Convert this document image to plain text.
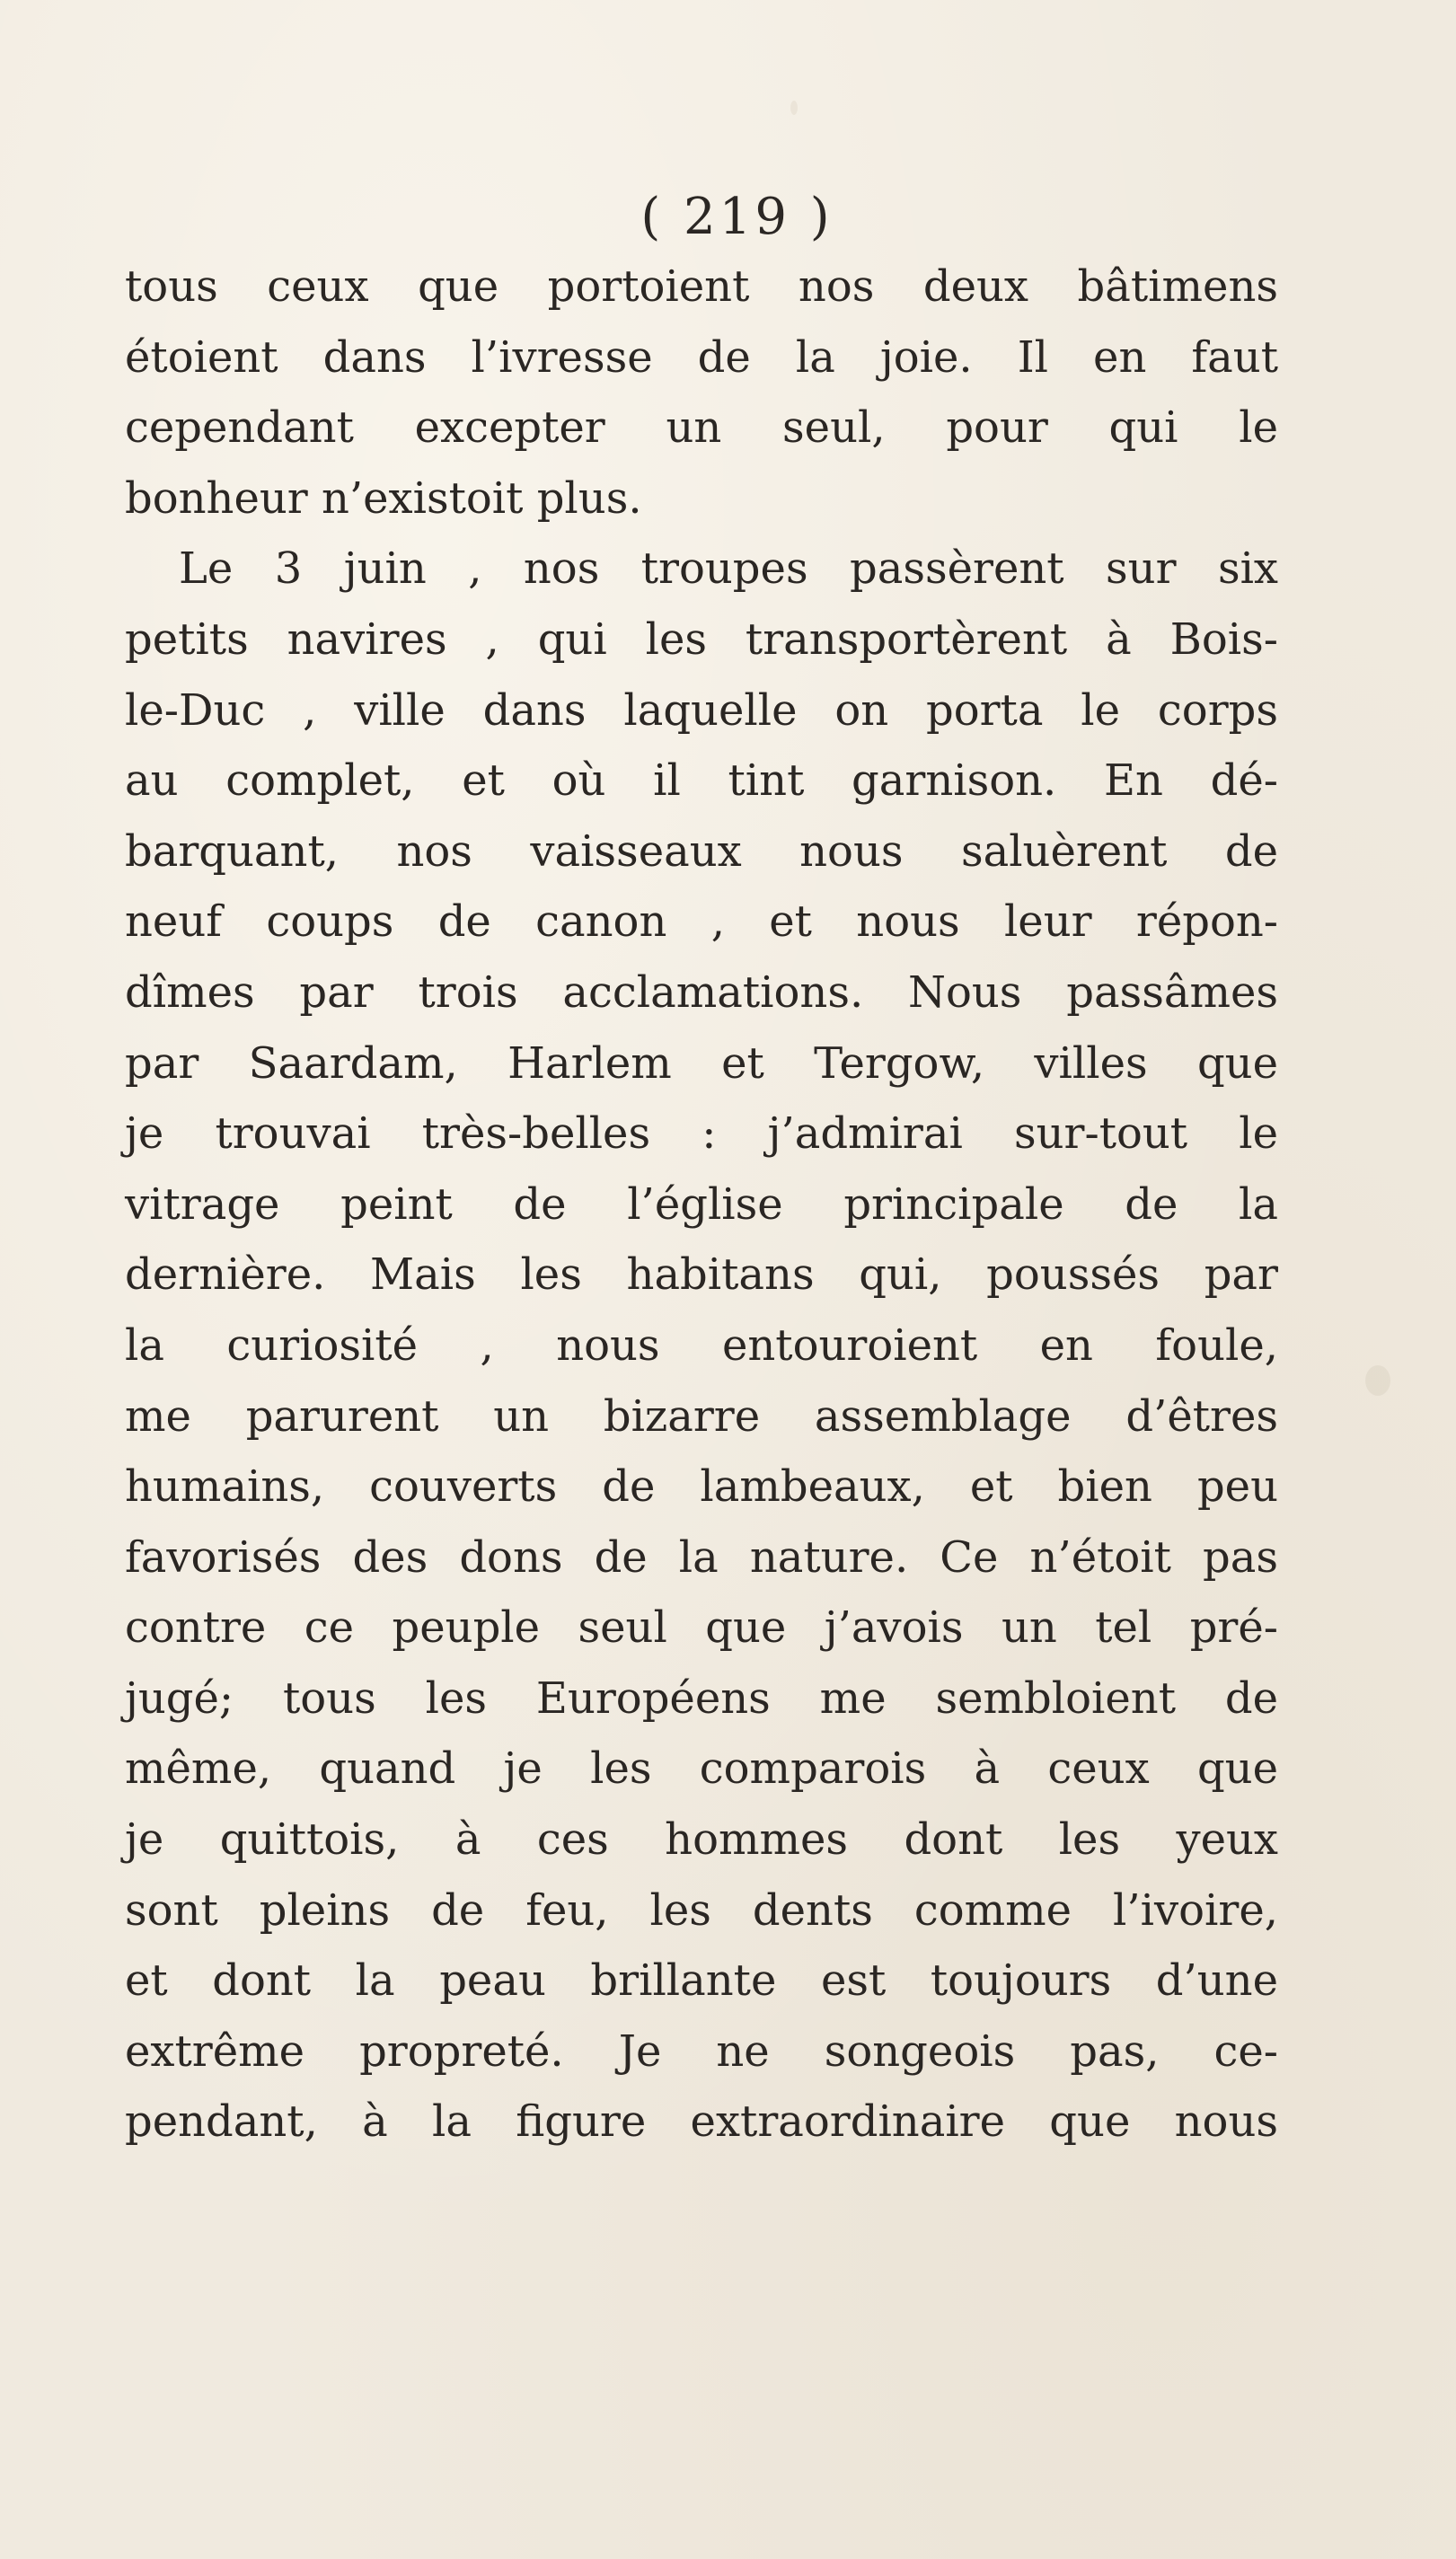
( 219 )
tous ceux que portoient nos deux bâtimens
étoient dans l’ivresse de la joie. Il en faut
cependant excepter un seul, pour qui le
bonheur n’existoit plus.
Le 3 juin , nos troupes passèrent sur six
petits navires , qui les transportèrent à Bois-
le-Duc , ville dans laquelle on porta le corps
au complet, et où il tint garnison. En dé-
barquant, nos vaisseaux nous saluèrent de
neuf coups de canon , et nous leur répon-
dîmes par trois acclamations. Nous passâmes
par Saardam, Harlem et Tergow, villes que
je trouvai très-belles : j’admirai sur-tout le
vitrage peint de l’église principale de la
dernière. Mais les habitans qui, poussés par
la curiosité , nous entouroient en foule,
me parurent un bizarre assemblage d’êtres
humains, couverts de lambeaux, et bien peu
favorisés des dons de la nature. Ce n’étoit pas
contre ce peuple seul que j’avois un tel pré-
jugé; tous les Européens me sembloient de
même, quand je les comparois à ceux que
je quittois, à ces hommes dont les yeux
sont pleins de feu, les dents comme l’ivoire,
et dont la peau brillante est toujours d’une
extrême propreté. Je ne songeois pas, ce-
pendant, à la figure extraordinaire que nous
